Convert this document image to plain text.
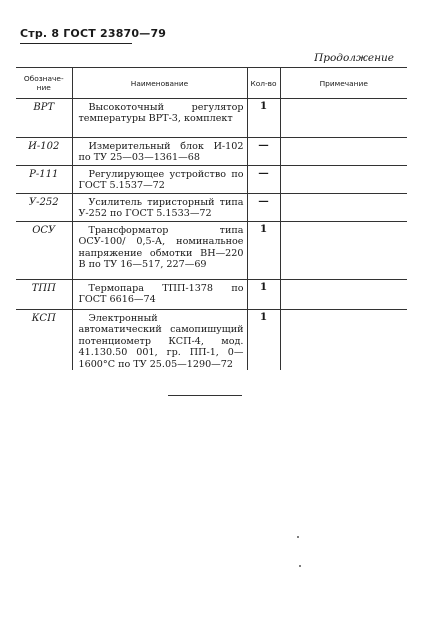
Стр. 8 ГОСТ 23870—79
Продолжение
Обозначе-ние	Наименование	Кол-во	Примечание
ВРТ	Высокоточный регулятор температуры ВРТ-3, комплект	1	
И-102	Измерительный блок И-102 по ТУ 25—03—1361—68	—	
Р-111	Регулирующее устройство по ГОСТ 5.1537—72	—	
У-252	Усилитель тиристорный типа У-252 по ГОСТ 5.1533—72	—	
ОСУ	Трансформатор типа ОСУ-100/ 0,5-А, номинальное напряжение обмотки ВН—220 В по ТУ 16—517, 227—69	1	
ТПП	Термопара ТПП-1378 по ГОСТ 6616—74	1	
КСП	Электронный автоматический самопишущий потенциометр КСП-4, мод. 41.130.50 001, гр. ПП-1, 0—1600°С по ТУ 25.05—1290—72	1	
